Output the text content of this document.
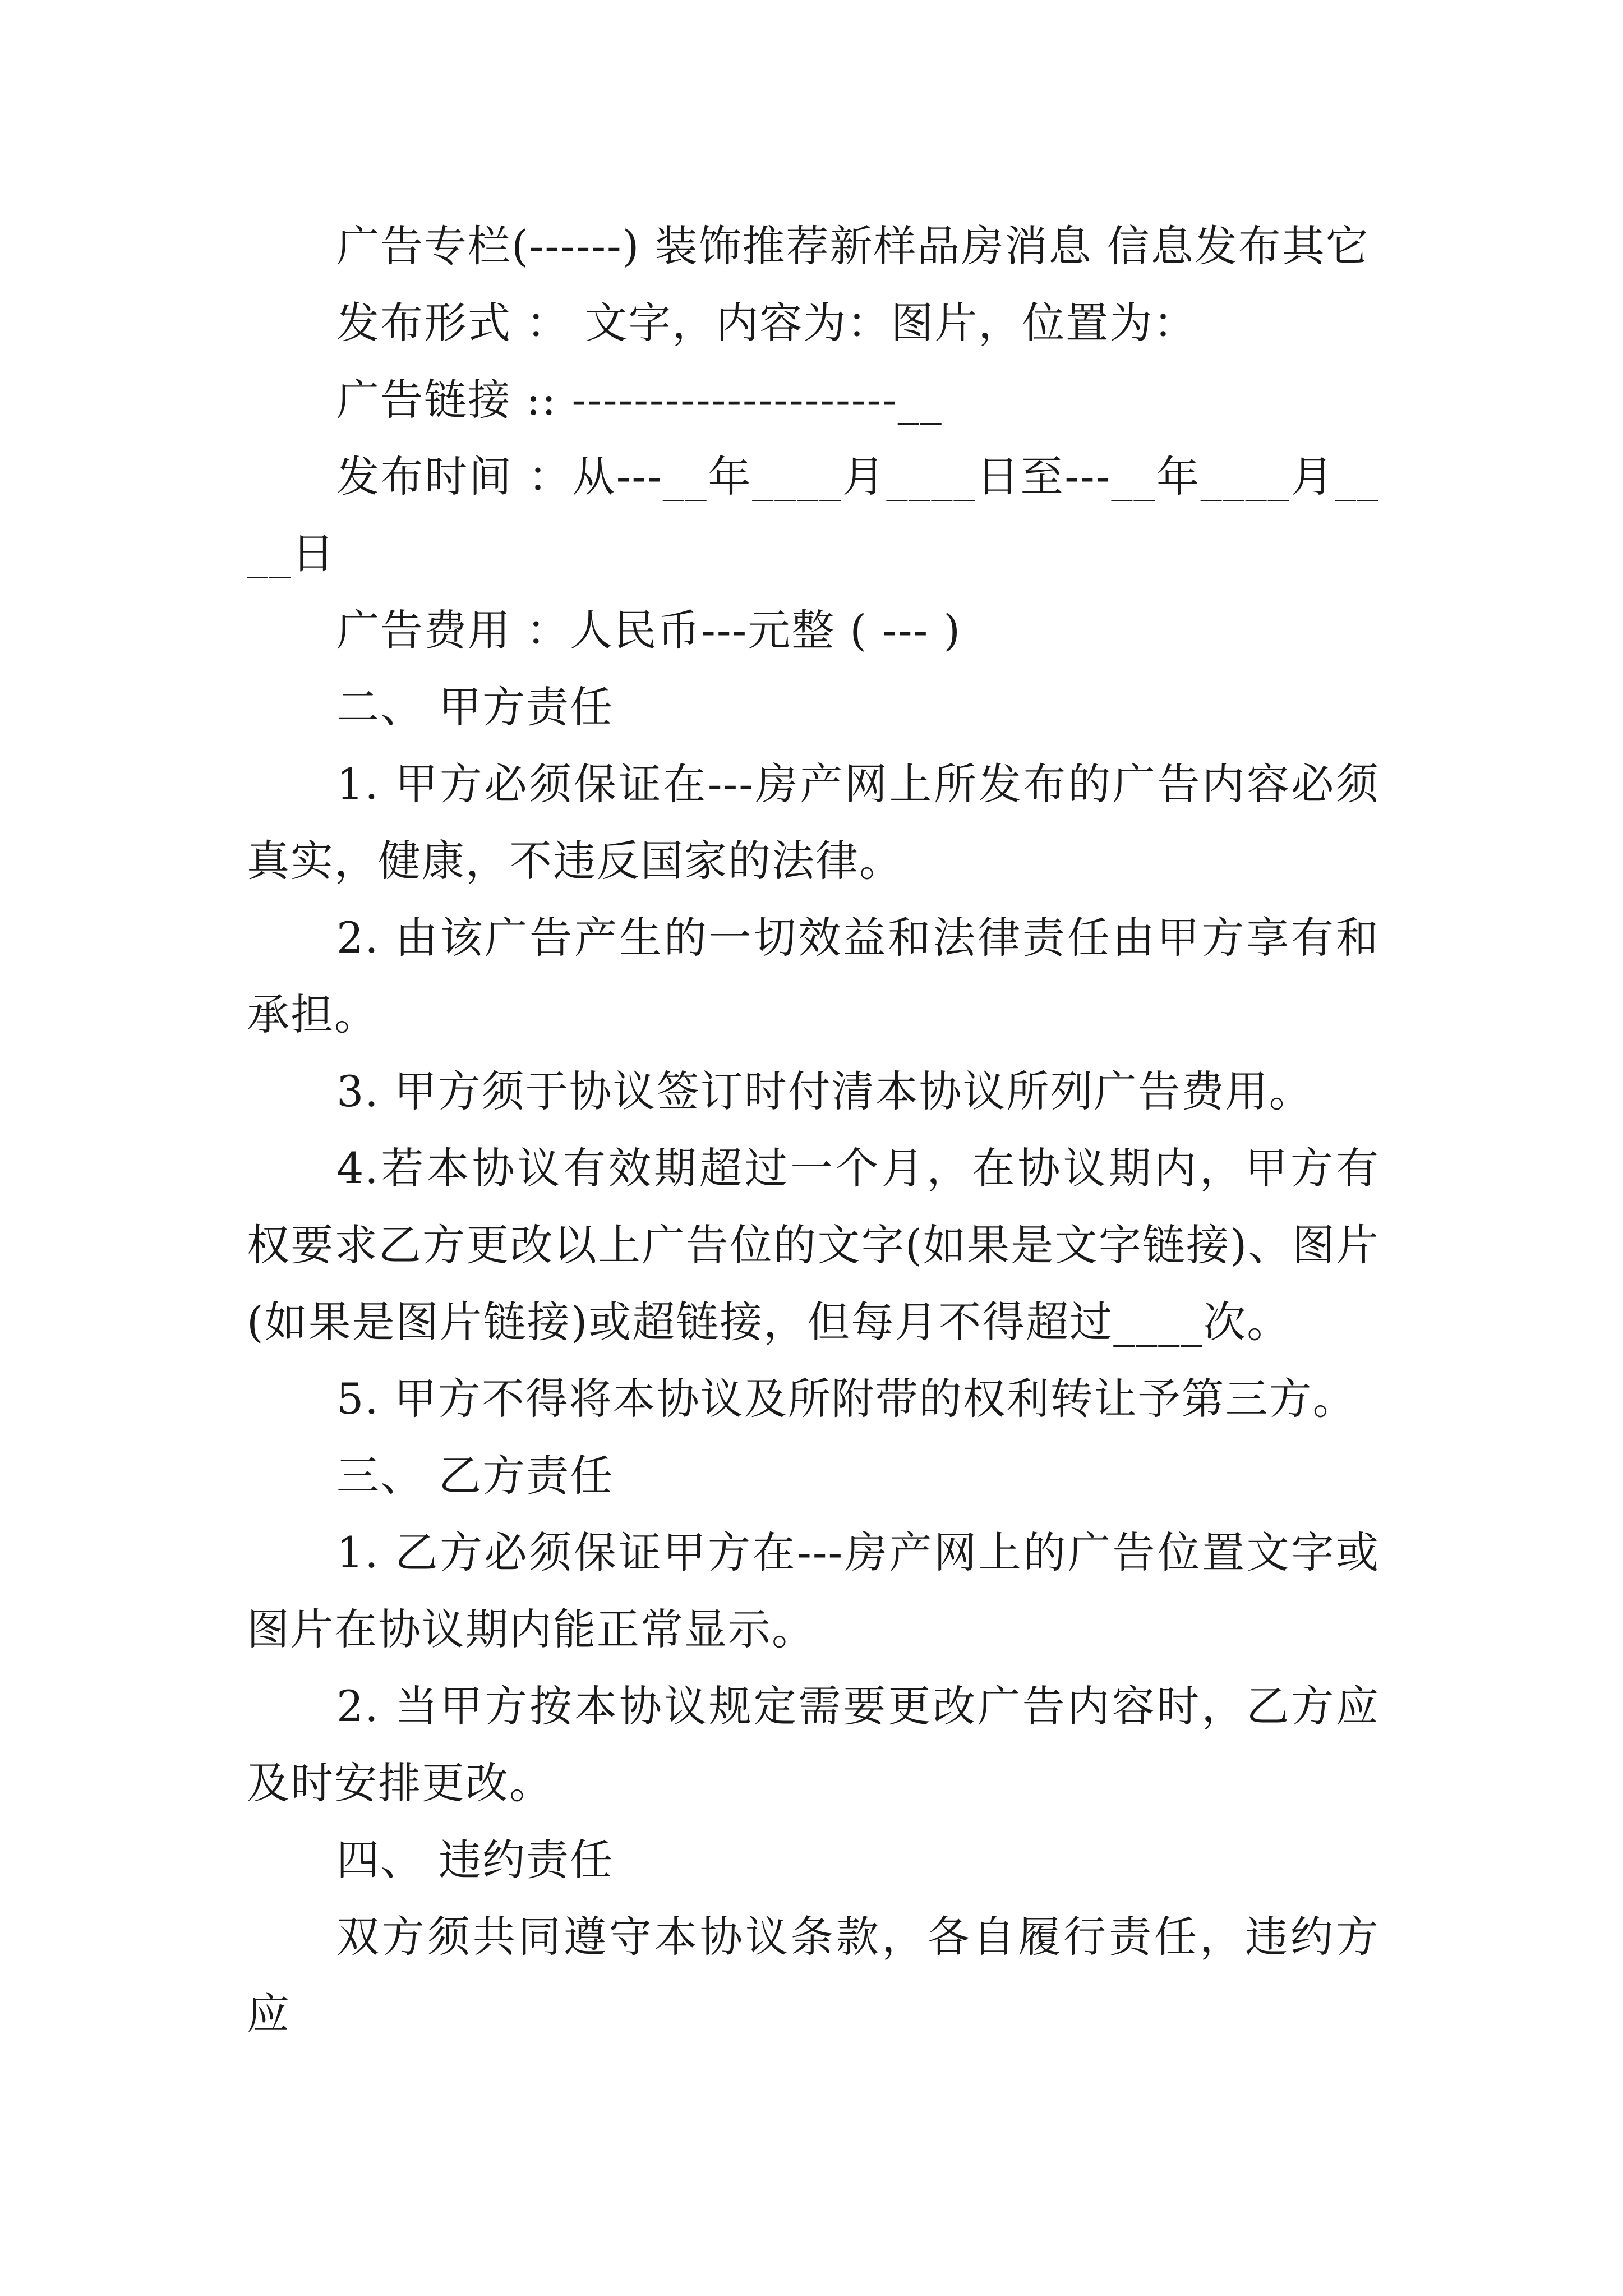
广告专栏(------) 装饰推荐新样品房消息 信息发布其它

发布形式 ： 文字，内容为：图片，位置为：

广告链接 :: ---------------------__

发布时间 ：从---__年____月____日至---__年____月____日

广告费用 ：人民币---元整 ( --- )

二、 甲方责任

1. 甲方必须保证在---房产网上所发布的广告内容必须真实，健康，不违反国家的法律。

2. 由该广告产生的一切效益和法律责任由甲方享有和承担。

3. 甲方须于协议签订时付清本协议所列广告费用。

4.若本协议有效期超过一个月，在协议期内，甲方有权要求乙方更改以上广告位的文字(如果是文字链接)、图片(如果是图片链接)或超链接，但每月不得超过____次。

5. 甲方不得将本协议及所附带的权利转让予第三方。

三、 乙方责任

1. 乙方必须保证甲方在---房产网上的广告位置文字或图片在协议期内能正常显示。

2. 当甲方按本协议规定需要更改广告内容时，乙方应及时安排更改。

四、 违约责任

双方须共同遵守本协议条款，各自履行责任，违约方应
